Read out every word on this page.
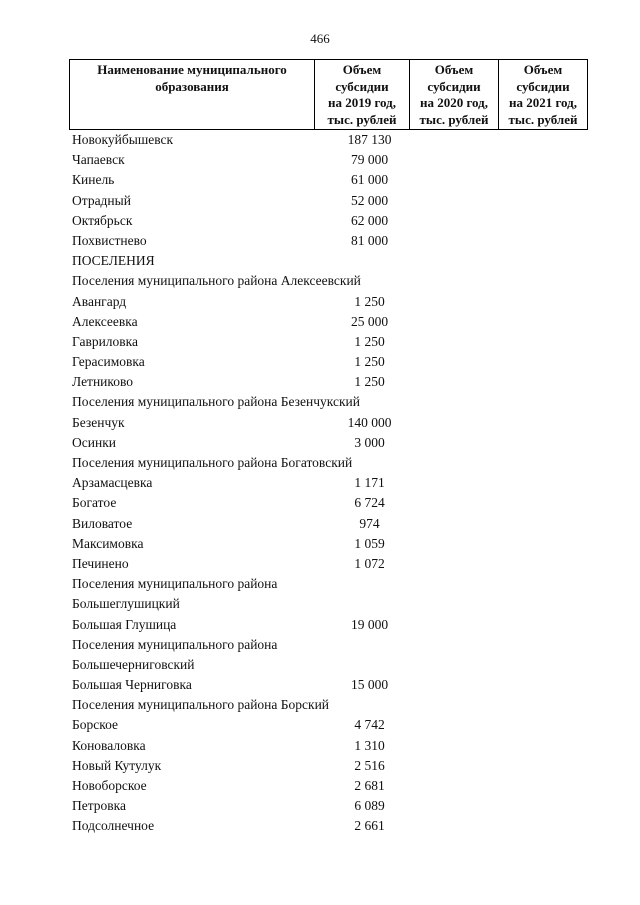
466
Наименование муниципального
образования

Объем
субсидии
на 2019 год,
тыс. рублей

Объем
субсидии
на 2020 год,
тыс. рублей

Объем
субсидии
на 2021 год,
тыс. рублей
Новокуйбышевск	187 130
Чапаевск	79 000
Кинель	61 000
Отрадный	52 000
Октябрьск	62 000
Похвистнево	81 000
ПОСЕЛЕНИЯ
Поселения муниципального района Алексеевский
Авангард	1 250
Алексеевка	25 000
Гавриловка	1 250
Герасимовка	1 250
Летниково	1 250
Поселения муниципального района Безенчукский
Безенчук	140 000
Осинки	3 000
Поселения муниципального района Богатовский
Арзамасцевка	1 171
Богатое	6 724
Виловатое	974
Максимовка	1 059
Печинено	1 072
Поселения муниципального района
Большеглушицкий
Большая Глушица	19 000
Поселения муниципального района
Большечерниговский
Большая Черниговка	15 000
Поселения муниципального района Борский
Борское	4 742
Коноваловка	1 310
Новый Кутулук	2 516
Новоборское	2 681
Петровка	6 089
Подсолнечное	2 661
